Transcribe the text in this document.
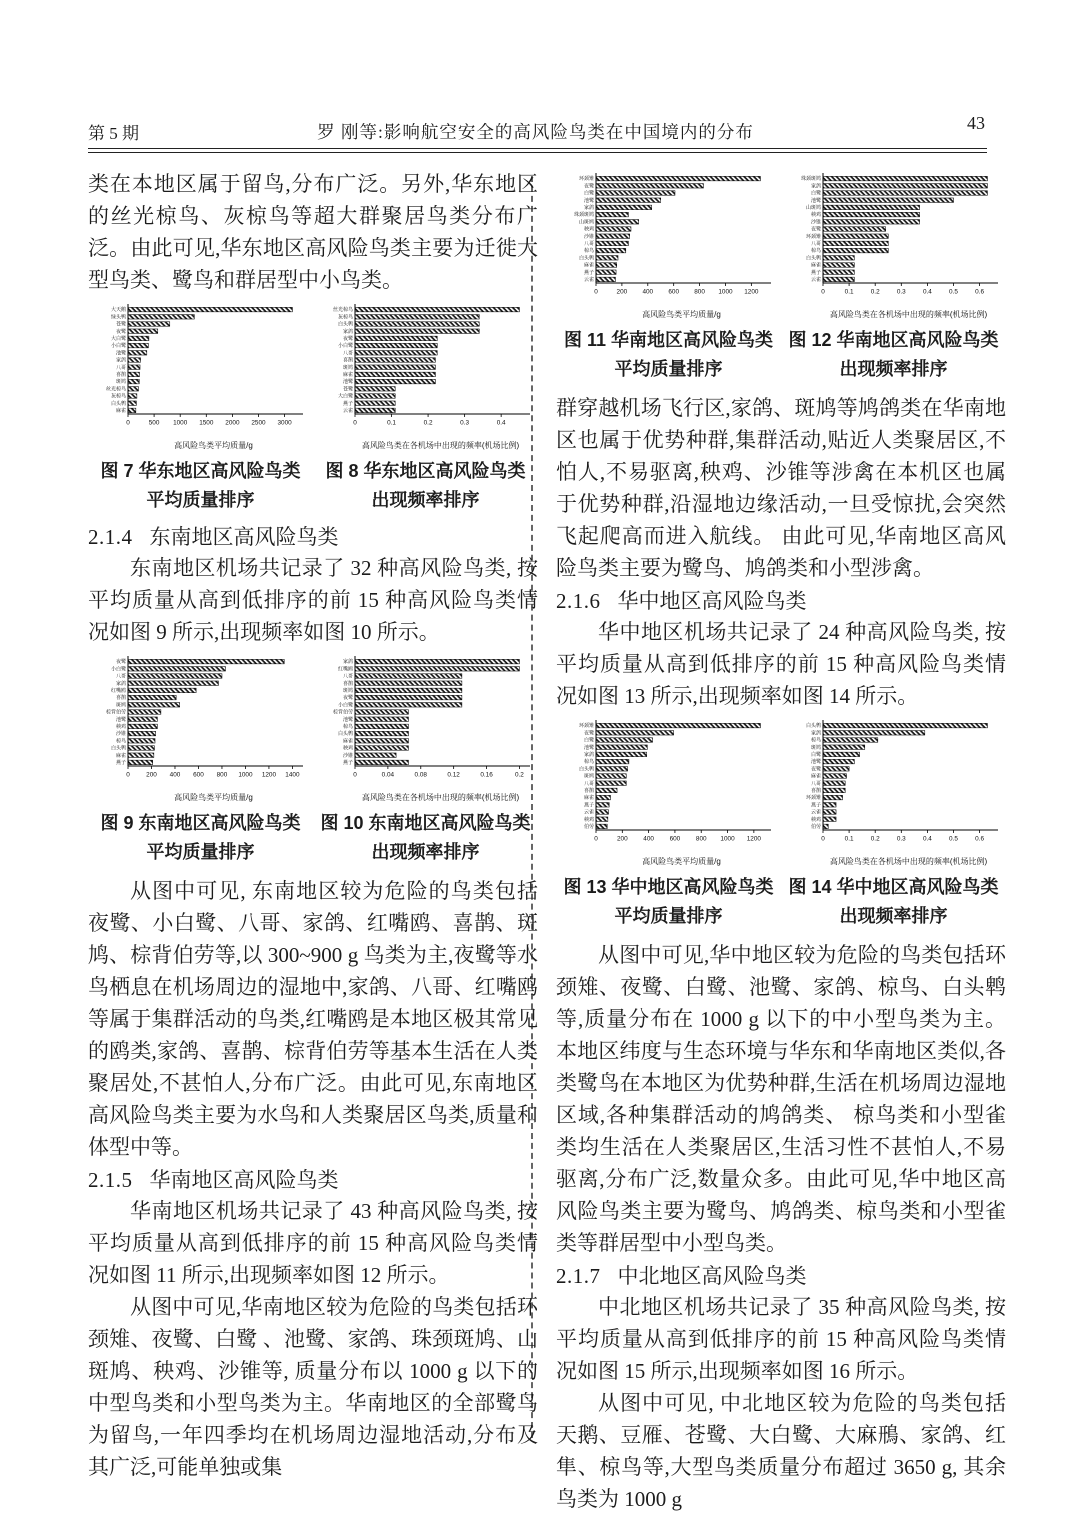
第 5 期	罗 刚等:影响航空安全的高风险鸟类在中国境内的分布	43

类在本地区属于留鸟,分布广泛。另外,华东地区的丝光椋鸟、灰椋鸟等超大群聚居鸟类分布广泛。由此可见,华东地区高风险鸟类主要为迁徙大型鸟类、鹭鸟和群居型中小鸟类。

大天鹅
绿头鸭
苍鹭
夜鹭
大白鹭
小白鹭
池鹭
家鸽
八哥
喜鹊
斑鸠
丝光椋鸟
灰椋鸟
白头鹎
麻雀
0	500 1000 1500 2000 2500 3000
高风险鸟类平均质量/g
丝光椋鸟
灰椋鸟
白头鹎
家鸽
夜鹭
小白鹭
八哥
喜鹊
斑鸠
麻雀
池鹭
苍鹭
大白鹭
燕子
云雀
0	0.1	0.2	0.3	0.4
高风险鸟类在各机场中出现的频率(机场比例)
图 7 华东地区高风险鸟类
平均质量排序
图 8 华东地区高风险鸟类
出现频率排序
2.1.4 东南地区高风险鸟类

东南地区机场共记录了 32 种高风险鸟类, 按平均质量从高到低排序的前 15 种高风险鸟类情况如图 9 所示,出现频率如图 10 所示。

夜鹭
小白鹭
八哥
家鸽
红嘴鸥
喜鹊
斑鸠
棕背伯劳
池鹭
秧鸡
沙锥
椋鸟
白头鹎
麻雀
燕子
0	200 400 600 800 1000 1200 1400
高风险鸟类平均质量/g
家鸽
红嘴鸥
八哥
喜鹊
斑鸠
夜鹭
小白鹭
棕背伯劳
池鹭
椋鸟
白头鹎
麻雀
秧鸡
沙锥
燕子
0	0.04	0.08	0.12	0.16	0.2
高风险鸟类在各机场中出现的频率(机场比例)
图 9 东南地区高风险鸟类
平均质量排序
图 10 东南地区高风险鸟类
出现频率排序

从图中可见, 东南地区较为危险的鸟类包括夜鹭、小白鹭、八哥、家鸽、红嘴鸥、喜鹊、斑鸠、棕背伯劳等,以 300~900 g 鸟类为主,夜鹭等水鸟栖息在机场周边的湿地中,家鸽、八哥、红嘴鸥等属于集群活动的鸟类,红嘴鸥是本地区极其常见的鸥类,家鸽、喜鹊、棕背伯劳等基本生活在人类聚居处,不甚怕人,分布广泛。由此可见,东南地区高风险鸟类主要为水鸟和人类聚居区鸟类,质量和体型中等。

2.1.5 华南地区高风险鸟类

华南地区机场共记录了 43 种高风险鸟类, 按平均质量从高到低排序的前 15 种高风险鸟类情况如图 11 所示,出现频率如图 12 所示。

从图中可见,华南地区较为危险的鸟类包括环颈雉、夜鹭、白鹭 、池鹭、家鸽、珠颈斑鸠、山斑鸠、秧鸡、沙锥等, 质量分布以 1000 g 以下的中型鸟类和小型鸟类为主。华南地区的全部鹭鸟为留鸟,一年四季均在机场周边湿地活动,分布及其广泛,可能单独或集

环颈雉
夜鹭
白鹭
池鹭
家鸽
珠颈斑鸠
山斑鸠
秧鸡
沙锥
八哥
椋鸟
白头鹎
麻雀
燕子
云雀
0	200 400 600 800 1000 1200
高风险鸟类平均质量/g
珠颈斑鸠
家鸽
白鹭
池鹭
山斑鸠
秧鸡
沙锥
夜鹭
环颈雉
八哥
椋鸟
白头鹎
麻雀
燕子
云雀
0	0.1	0.2	0.3	0.4	0.5	0.6
高风险鸟类在各机场中出现的频率(机场比例)
图 11 华南地区高风险鸟类
平均质量排序
图 12 华南地区高风险鸟类
出现频率排序

群穿越机场飞行区,家鸽、斑鸠等鸠鸽类在华南地区也属于优势种群,集群活动,贴近人类聚居区,不怕人,不易驱离,秧鸡、沙锥等涉禽在本机区也属于优势种群,沿湿地边缘活动,一旦受惊扰,会突然飞起爬高而进入航线。 由此可见,华南地区高风险鸟类主要为鹭鸟、鸠鸽类和小型涉禽。

2.1.6 华中地区高风险鸟类

华中地区机场共记录了 24 种高风险鸟类, 按平均质量从高到低排序的前 15 种高风险鸟类情况如图 13 所示,出现频率如图 14 所示。

环颈雉
夜鹭
白鹭
池鹭
家鸽
椋鸟
白头鹎
斑鸠
八哥
喜鹊
麻雀
燕子
云雀
秧鸡
伯劳
0	200 400 600 800 1000 1200
高风险鸟类平均质量/g
白头鹎
家鸽
椋鸟
斑鸠
白鹭
池鹭
夜鹭
麻雀
八哥
喜鹊
环颈雉
燕子
云雀
秧鸡
伯劳
0	0.1	0.2	0.3	0.4	0.5	0.6
高风险鸟类在各机场中出现的频率(机场比例)
图 13 华中地区高风险鸟类
平均质量排序
图 14 华中地区高风险鸟类
出现频率排序

从图中可见,华中地区较为危险的鸟类包括环颈雉、夜鹭、白鹭、池鹭、家鸽、椋鸟、白头鹎等,质量分布在 1000 g 以下的中小型鸟类为主。本地区纬度与生态环境与华东和华南地区类似,各类鹭鸟在本地区为优势种群,生活在机场周边湿地区域,各种集群活动的鸠鸽类、 椋鸟类和小型雀类均生活在人类聚居区,生活习性不甚怕人,不易驱离,分布广泛,数量众多。由此可见,华中地区高风险鸟类主要为鹭鸟、鸠鸽类、椋鸟类和小型雀类等群居型中小型鸟类。

2.1.7 中北地区高风险鸟类

中北地区机场共记录了 35 种高风险鸟类, 按平均质量从高到低排序的前 15 种高风险鸟类情况如图 15 所示,出现频率如图 16 所示。

从图中可见, 中北地区较为危险的鸟类包括天鹅、豆雁、苍鹭、大白鹭、大麻鳽、家鸽、红隼、椋鸟等,大型鸟类质量分布超过 3650 g, 其余鸟类为 1000 g
